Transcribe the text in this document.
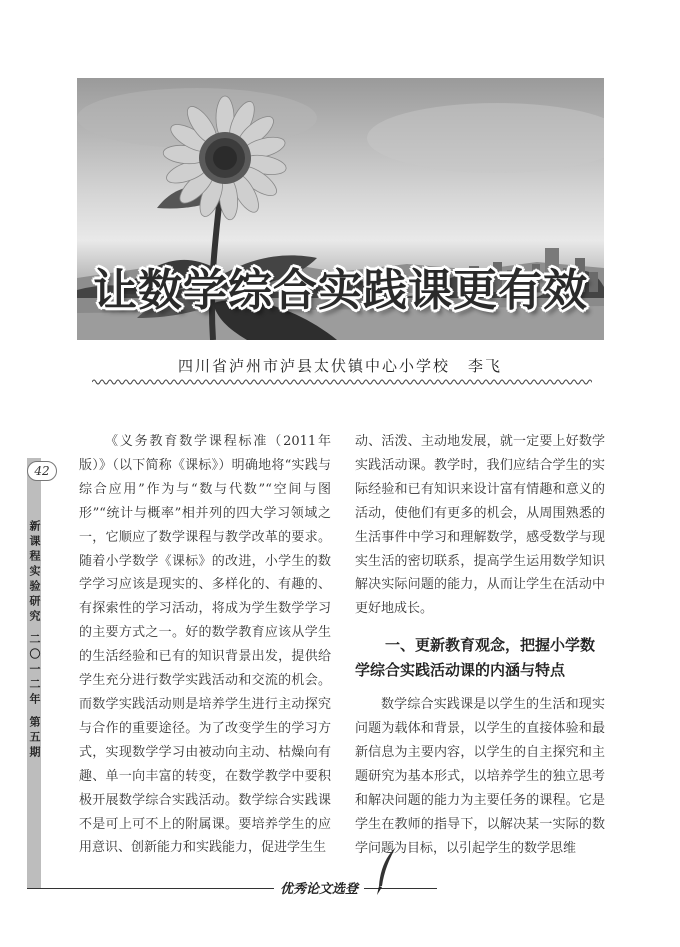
让数学综合实践课更有效
四川省泸州市泸县太伏镇中心小学校 李飞
42
新课程实验研究 二〇一二年 第五期

《义务教育数学课程标准（2011年版）》（以下简称《课标》）明确地将“实践与综合应用”作为与“数与代数”“空间与图形”“统计与概率”相并列的四大学习领域之一，它顺应了数学课程与教学改革的要求。随着小学数学《课标》的改进，小学生的数学学习应该是现实的、多样化的、有趣的、有探索性的学习活动，将成为学生数学学习的主要方式之一。好的数学教育应该从学生的生活经验和已有的知识背景出发，提供给学生充分进行数学实践活动和交流的机会。而数学实践活动则是培养学生进行主动探究与合作的重要途径。为了改变学生的学习方式，实现数学学习由被动向主动、枯燥向有趣、单一向丰富的转变，在数学教学中要积极开展数学综合实践活动。数学综合实践课不是可上可不上的附属课。要培养学生的应用意识、创新能力和实践能力，促进学生生

动、活泼、主动地发展，就一定要上好数学实践活动课。教学时，我们应结合学生的实际经验和已有知识来设计富有情趣和意义的活动，使他们有更多的机会，从周围熟悉的生活事件中学习和理解数学，感受数学与现实生活的密切联系，提高学生运用数学知识解决实际问题的能力，从而让学生在活动中更好地成长。

一、更新教育观念，把握小学数
学综合实践活动课的内涵与特点

数学综合实践课是以学生的生活和现实问题为载体和背景，以学生的直接体验和最新信息为主要内容，以学生的自主探究和主题研究为基本形式，以培养学生的独立思考和解决问题的能力为主要任务的课程。它是学生在教师的指导下，以解决某一实际的数学问题为目标，以引起学生的数学思维

优秀论文选登
